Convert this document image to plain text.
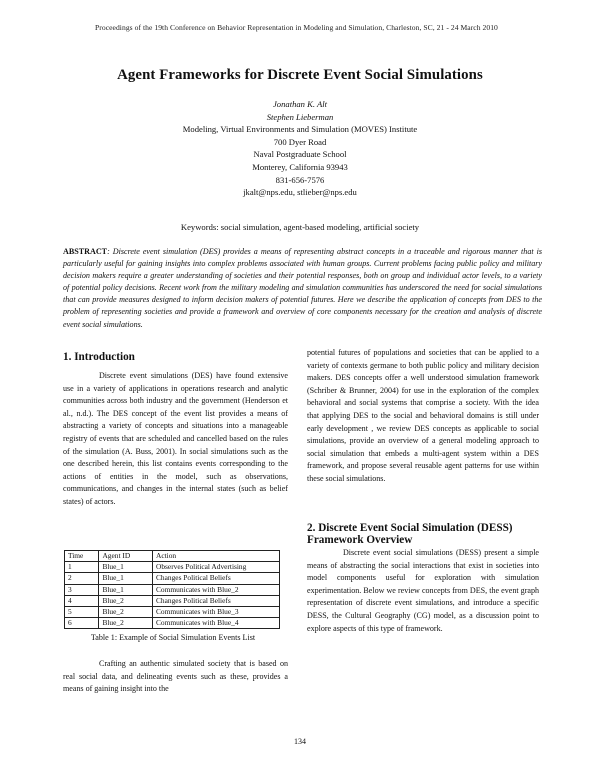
Proceedings of the 19th Conference on Behavior Representation in Modeling and Simulation, Charleston, SC, 21 - 24 March 2010
Agent Frameworks for Discrete Event Social Simulations
Jonathan K. Alt
Stephen Lieberman
Modeling, Virtual Environments and Simulation (MOVES) Institute
700 Dyer Road
Naval Postgraduate School
Monterey, California 93943
831-656-7576
jkalt@nps.edu, stlieber@nps.edu
Keywords: social simulation, agent-based modeling, artificial society
ABSTRACT: Discrete event simulation (DES) provides a means of representing abstract concepts in a traceable and rigorous manner that is particularly useful for gaining insights into complex problems associated with human groups. Current problems facing public policy and military decision makers require a greater understanding of societies and their potential responses, both on group and individual actor levels, to a variety of potential policy decisions. Recent work from the military modeling and simulation communities has underscored the need for social simulations that can provide measures designed to inform decision makers of potential futures. Here we describe the application of concepts from DES to the problem of representing societies and provide a framework and overview of core components necessary for the creation and analysis of discrete event social simulations.
1. Introduction

Discrete event simulations (DES) have found extensive use in a variety of applications in operations research and analytic communities across both industry and the government (Henderson et al., n.d.). The DES concept of the event list provides a means of abstracting a variety of concepts and situations into a manageable registry of events that are scheduled and cancelled based on the rules of the simulation (A. Buss, 2001). In social simulations such as the one described herein, this list contains events corresponding to the actions of entities in the model, such as observations, communications, and changes in the internal states (such as belief states) of actors.

Time	Agent ID	Action
1	Blue_1	Observes Political Advertising
2	Blue_1	Changes Political Beliefs
3	Blue_1	Communicates with Blue_2
4	Blue_2	Changes Political Beliefs
5	Blue_2	Communicates with Blue_3
6	Blue_2	Communicates with Blue_4
Table 1: Example of Social Simulation Events List

Crafting an authentic simulated society that is based on real social data, and delineating events such as these, provides a means of gaining insight into the

potential futures of populations and societies that can be applied to a variety of contexts germane to both public policy and military decision makers. DES concepts offer a well understood simulation framework (Schriber & Brunner, 2004) for use in the exploration of the complex behavioral and social systems that comprise a society. With the idea that applying DES to the social and behavioral domains is still under early development , we review DES concepts as applicable to social simulations, provide an overview of a general modeling approach to social simulation that embeds a multi-agent system within a DES framework, and propose several reusable agent patterns for use within these social simulations.

2. Discrete Event Social Simulation (DESS)
Framework Overview

Discrete event social simulations (DESS) present a simple means of abstracting the social interactions that exist in societies into model components useful for exploration with simulation experimentation. Below we review concepts from DES, the event graph representation of discrete event simulations, and introduce a specific DESS, the Cultural Geography (CG) model, as a discussion point to explore aspects of this type of framework.

134
